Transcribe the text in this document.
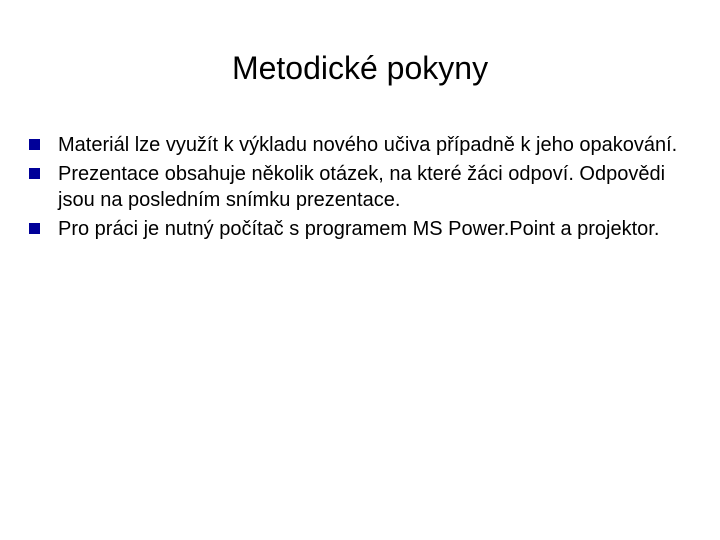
Metodické pokyny
Materiál lze využít k výkladu nového učiva případně k jeho opakování.
Prezentace obsahuje několik otázek, na které žáci odpoví. Odpovědi jsou na posledním snímku prezentace.
Pro práci je nutný počítač s programem MS Power.Point a projektor.
